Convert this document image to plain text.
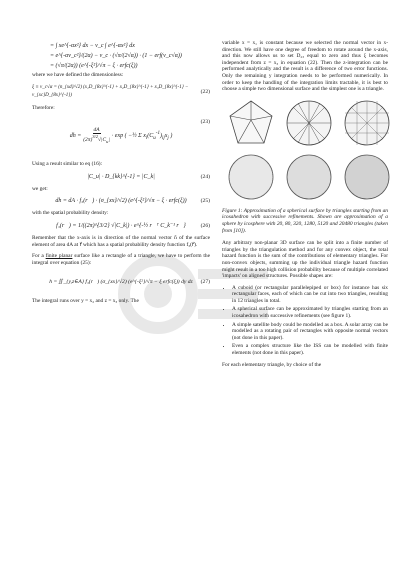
= ∫ xe^{-αx²} dx − v_c ∫ e^{-αx²} dx
= e^{-αv_c²}/(2α) − v_c · (√π/(2√α)) · (1 − erf(v_c√α))
= (√π/(2α)) (e^{-ξ²}/√π − ξ · erfc(ξ))

where we have defined the dimensionless:

ξ ≡ v_c√α = (n_{xd}/√2) (x₁D_{8x}^{-1} + x₂D_{8x}^{-1} + x₃D_{8x}^{-1} − v_{xc}D_{8x}^{-1})
(22)

Therefore:

dh = $\frac{dA}{(2\pi)^{3/2}√|C_u|} \cdot \exp$ ( −½ Σ $x_i(C_u^{-1})_{ij}x_j$ )
(23)

Using a result similar to eq (16):

|C_u| · D_{kk}^{-1} = |C_k|	(24)

we get:

dh = dA · f₃(r⃗) · (σ_{xx}/√2) (e^{-ξ²}/√π − ξ · erfc(ξ))	(25)

with the spatial probability density:

f₃(r⃗) = 1/((2π)^{3/2} √|C_k|) · e^{-½ r⃗ᵀ C_k⁻¹ r⃗}	(26)

Remember that the x-axis is in direction of the normal vector n̂ of the surface element of area dA at r⃗ which has a spatial probability density function f₃(r⃗).

For a finite planar surface like a rectangle of a triangle, we have to perform the integral over equation (25):

h = ∬_{y,z∈A} f₃(r⃗) (σ_{xx}/√2) (e^{-ξ²}/√π − ξ erfc(ξ)) dy dz (27)

The integral runs over y = x₂ and z = x₃ only. The

variable x = x₁ is constant because we selected the normal vector in x-direction. We still have one degree of freedom to rotate around the x-axis, and this now allows us to set D₂₃ equal to zero and thus ξ becomes independent from z = x₃ in equation (22). Then the z-integration can be performed analytically and the result is a difference of two error functions. Only the remaining y integration needs to be performed numerically. In order to keep the handling of the integration limits tractable, it is best to choose a simple two dimensional surface and the simplest one is a triangle.

Figure 1: Approximation of a spherical surface by triangles starting from an icosahedron with successive refinements. Shown are approximation of a sphere by icosphere with 20, 80, 320, 1280, 5120 and 20480 triangles (taken from [10]).

Any arbitrary non-planar 3D surface can be split into a finite number of triangles by the triangulation method and for any convex object, the total hazard function is the sum of the contributions of elementary triangles. For non-convex objects, summing up the individual triangle hazard function might result in a too high collision probability because of multiple correlated 'impacts' on aligned structures. Possible shapes are:

• A cuboid (or rectangular parallelepiped or box) for instance has six rectangular faces, each of which can be cut into two triangles, resulting in 12 triangles in total.
• A spherical surface can be approximated by triangles starting from an icosahedron with successive refinements (see figure 1).
• A simple satellite body could be modelled as a box. A solar array can be modelled as a rotating pair of rectangles with opposite normal vectors (not done in this paper).
• Even a complex structure like the ISS can be modelled with finite elements (not done in this paper).

For each elementary triangle, by choice of the
